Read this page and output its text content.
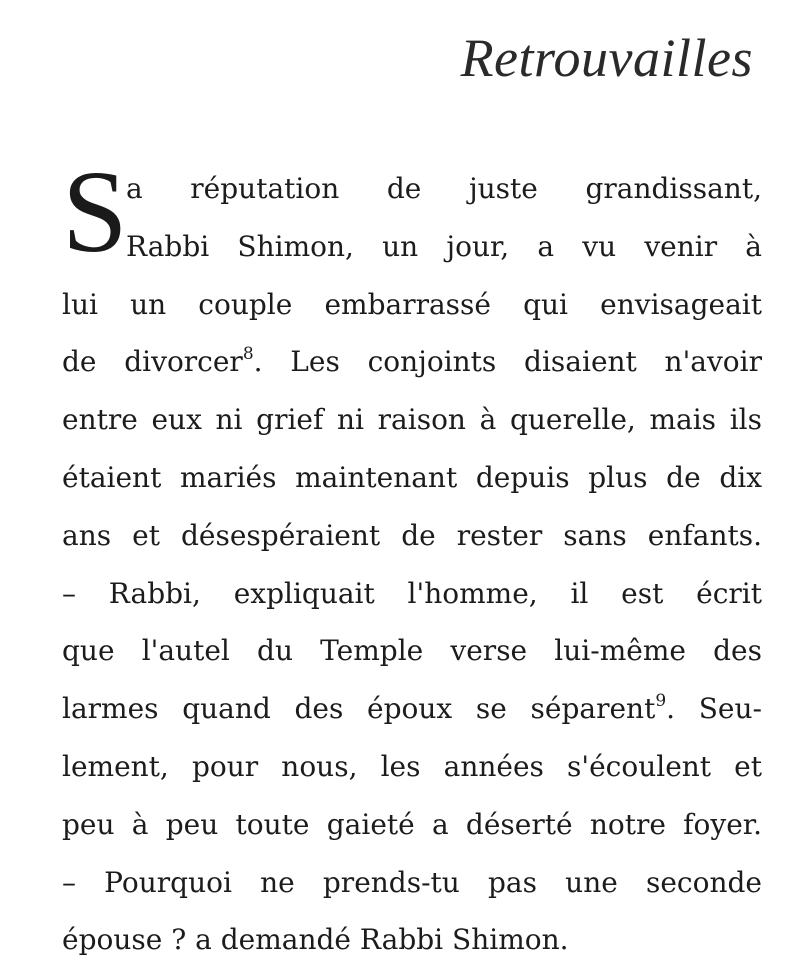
Retrouvailles
S
a réputation de juste grandissant,
Rabbi Shimon, un jour, a vu venir à
lui un couple embarrassé qui envisageait
de divorcer$^8$. Les conjoints disaient n'avoir
entre eux ni grief ni raison à querelle, mais ils
étaient mariés maintenant depuis plus de dix
ans et désespéraient de rester sans enfants.
– Rabbi, expliquait l'homme, il est écrit
que l'autel du Temple verse lui-même des
larmes quand des époux se séparent$^9$. Seu-
lement, pour nous, les années s'écoulent et
peu à peu toute gaieté a déserté notre foyer.
– Pourquoi ne prends-tu pas une seconde
épouse ? a demandé Rabbi Shimon.
